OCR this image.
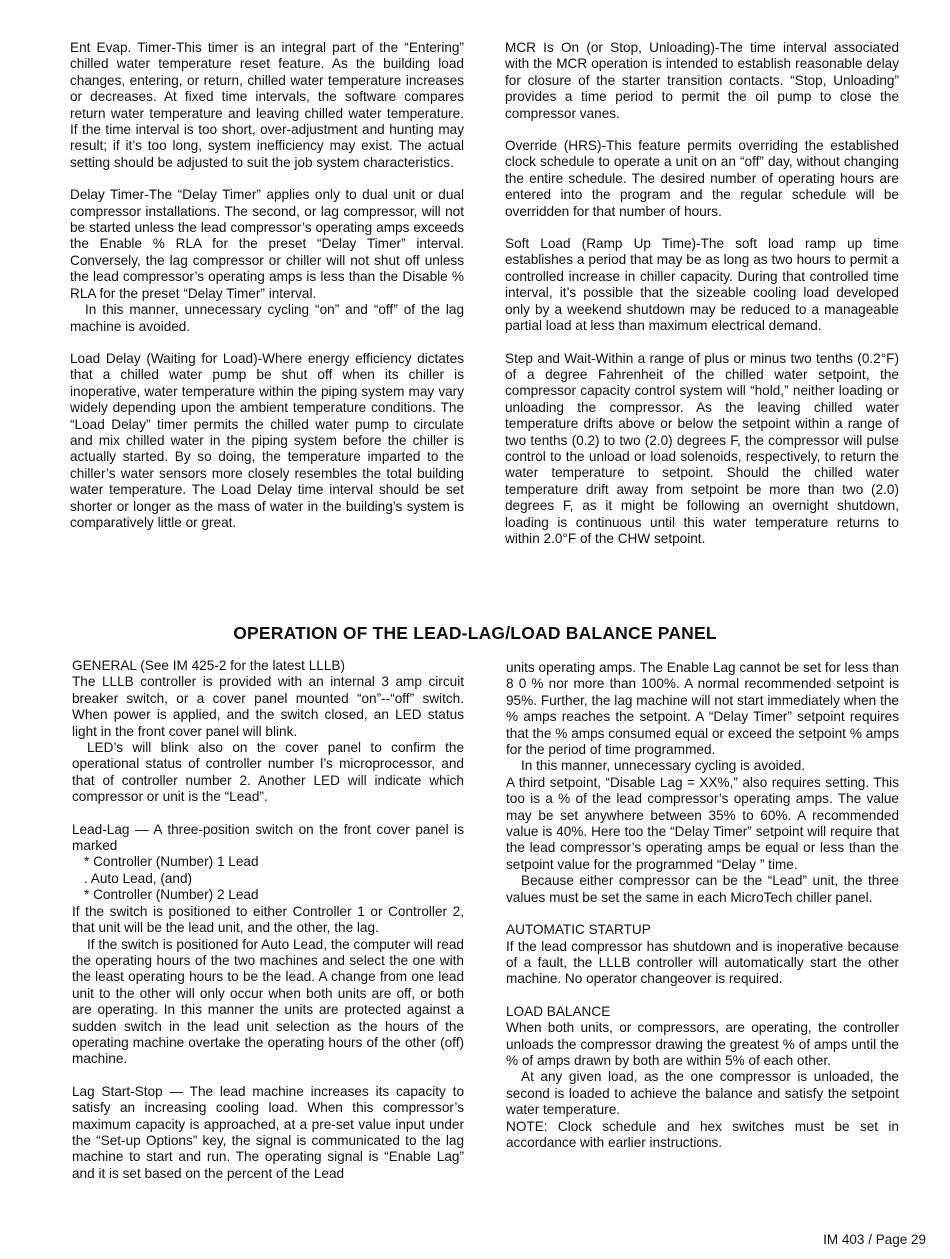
Ent Evap. Timer-This timer is an integral part of the “Entering” chilled water temperature reset feature. As the building load changes, entering, or return, chilled water temperature increases or decreases. At fixed time intervals, the software compares return water temperature and leaving chilled water temperature. If the time interval is too short, over-adjustment and hunting may result; if it’s too long, system inefficiency may exist. The actual setting should be adjusted to suit the job system characteristics.

Delay Timer-The “Delay Timer” applies only to dual unit or dual compressor installations. The second, or lag compressor, will not be started unless the lead compressor’s operating amps exceeds the Enable % RLA for the preset “Delay Timer” interval. Conversely, the lag compressor or chiller will not shut off unless the lead compressor’s operating amps is less than the Disable % RLA for the preset “Delay Timer” interval.

In this manner, unnecessary cycling “on” and “off” of the lag machine is avoided.

Load Delay (Waiting for Load)-Where energy efficiency dictates that a chilled water pump be shut off when its chiller is inoperative, water temperature within the piping system may vary widely depending upon the ambient temperature conditions. The “Load Delay” timer permits the chilled water pump to circulate and mix chilled water in the piping system before the chiller is actually started. By so doing, the temperature imparted to the chiller’s water sensors more closely resembles the total building water temperature. The Load Delay time interval should be set shorter or longer as the mass of water in the building’s system is comparatively little or great.

MCR Is On (or Stop, Unloading)-The time interval associated with the MCR operation is intended to establish reasonable delay for closure of the starter transition contacts. “Stop, Unloading” provides a time period to permit the oil pump to close the compressor vanes.

Override (HRS)-This feature permits overriding the established clock schedule to operate a unit on an “off” day, without changing the entire schedule. The desired number of operating hours are entered into the program and the regular schedule will be overridden for that number of hours.

Soft Load (Ramp Up Time)-The soft load ramp up time establishes a period that may be as long as two hours to permit a controlled increase in chiller capacity. During that controlled time interval, it’s possible that the sizeable cooling load developed only by a weekend shutdown may be reduced to a manageable partial load at less than maximum electrical demand.

Step and Wait-Within a range of plus or minus two tenths (0.2°F) of a degree Fahrenheit of the chilled water setpoint, the compressor capacity control system will “hold,” neither loading or unloading the compressor. As the leaving chilled water temperature drifts above or below the setpoint within a range of two tenths (0.2) to two (2.0) degrees F, the compressor will pulse control to the unload or load solenoids, respectively, to return the water temperature to setpoint. Should the chilled water temperature drift away from setpoint be more than two (2.0) degrees F, as it might be following an overnight shutdown, loading is continuous until this water temperature returns to within 2.0°F of the CHW setpoint.

OPERATION OF THE LEAD-LAG/LOAD BALANCE PANEL

GENERAL (See IM 425-2 for the latest LLLB)

The LLLB controller is provided with an internal 3 amp circuit breaker switch, or a cover panel mounted “on”--“off” switch. When power is applied, and the switch closed, an LED status light in the front cover panel will blink.

LED’s will blink also on the cover panel to confirm the operational status of controller number l’s microprocessor, and that of controller number 2. Another LED will indicate which compressor or unit is the “Lead”.

Lead-Lag — A three-position switch on the front cover panel is marked

* Controller (Number) 1 Lead

. Auto Lead, (and)

* Controller (Number) 2 Lead

If the switch is positioned to either Controller 1 or Controller 2, that unit will be the lead unit, and the other, the lag.

If the switch is positioned for Auto Lead, the computer will read the operating hours of the two machines and select the one with the least operating hours to be the lead. A change from one lead unit to the other will only occur when both units are off, or both are operating. In this manner the units are protected against a sudden switch in the lead unit selection as the hours of the operating machine overtake the operating hours of the other (off) machine.

Lag Start-Stop — The lead machine increases its capacity to satisfy an increasing cooling load. When this compressor’s maximum capacity is approached, at a pre-set value input under the “Set-up Options” key, the signal is communicated to the lag machine to start and run. The operating signal is “Enable Lag” and it is set based on the percent of the Lead

units operating amps. The Enable Lag cannot be set for less than 8 0 % nor more than 100%. A normal recommended setpoint is 95%. Further, the lag machine will not start immediately when the % amps reaches the setpoint. A “Delay Timer” setpoint requires that the % amps consumed equal or exceed the setpoint % amps for the period of time programmed.

In this manner, unnecessary cycling is avoided.

A third setpoint, “Disable Lag = XX%,” also requires setting. This too is a % of the lead compressor’s operating amps. The value may be set anywhere between 35% to 60%. A recommended value is 40%. Here too the “Delay Timer” setpoint will require that the lead compressor’s operating amps be equal or less than the setpoint value for the programmed “Delay ” time.

Because either compressor can be the “Lead” unit, the three values must be set the same in each MicroTech chiller panel.

AUTOMATIC STARTUP

If the lead compressor has shutdown and is inoperative because of a fault, the LLLB controller will automatically start the other machine. No operator changeover is required.

LOAD BALANCE

When both units, or compressors, are operating, the controller unloads the compressor drawing the greatest % of amps until the % of amps drawn by both are within 5% of each other.

At any given load, as the one compressor is unloaded, the second is loaded to achieve the balance and satisfy the setpoint water temperature.

NOTE: Clock schedule and hex switches must be set in accordance with earlier instructions.

IM 403 / Page 29
